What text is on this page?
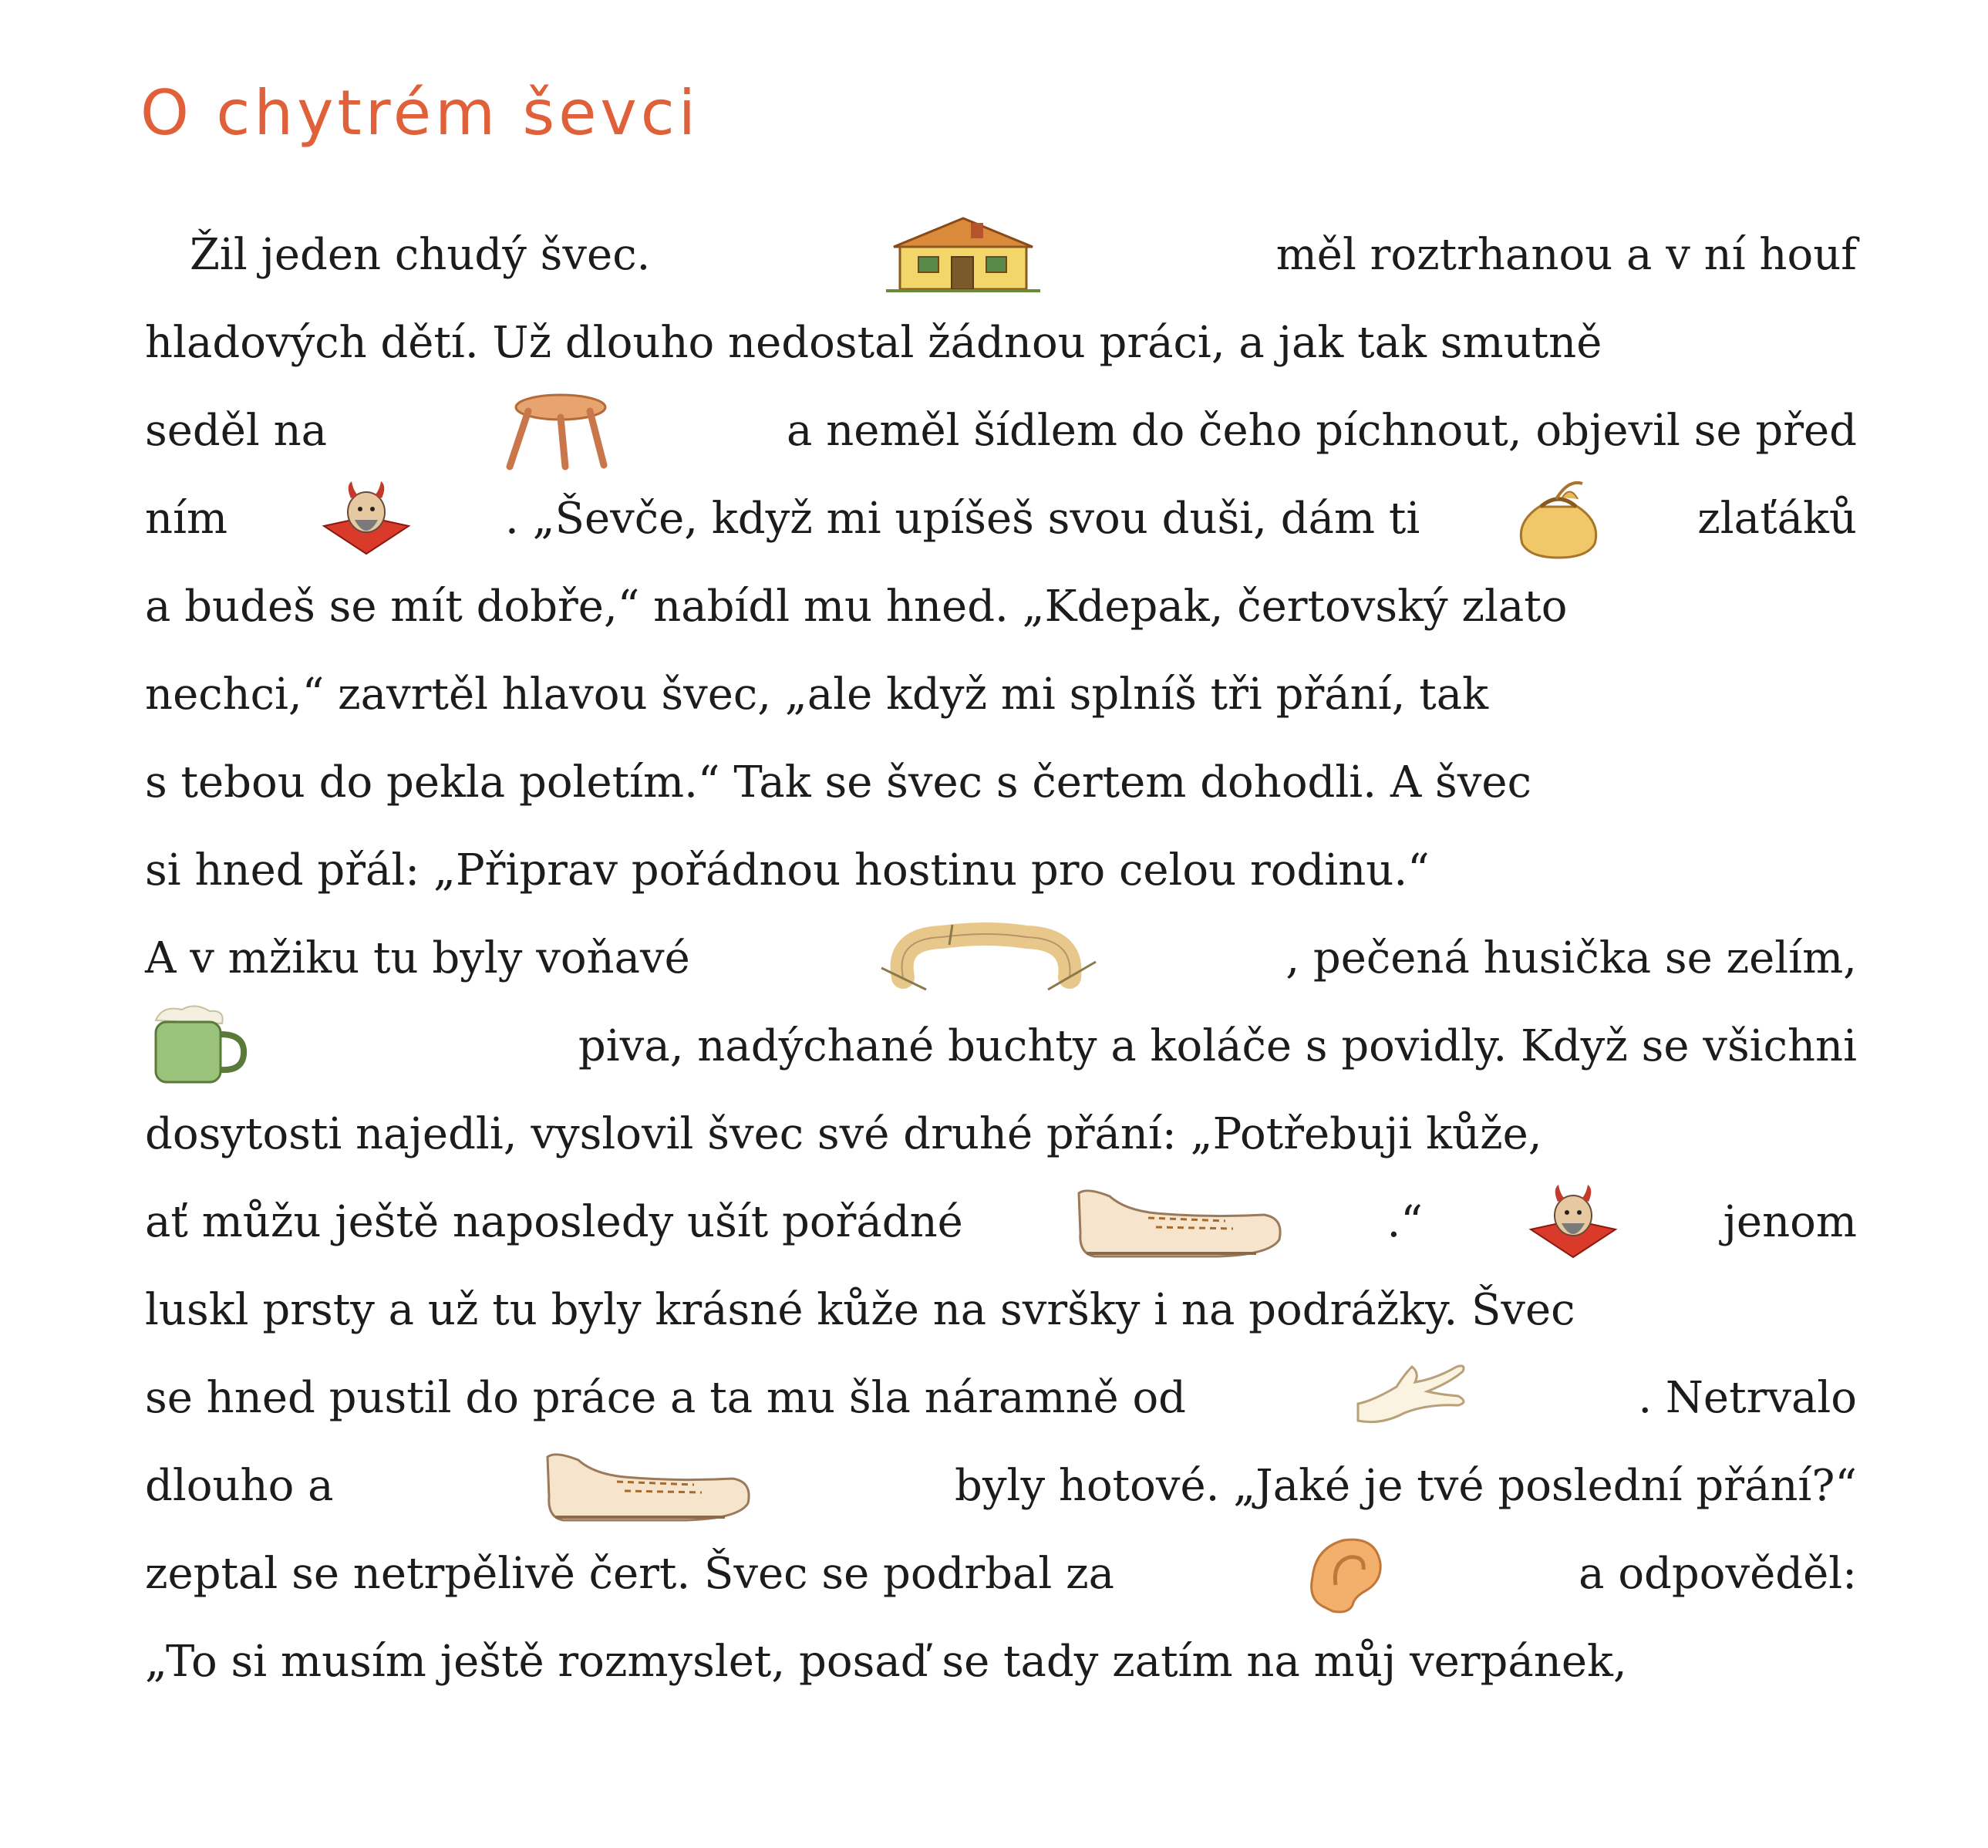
O chytrém ševci
Žil jeden chudý švec.	měl roztrhanou a v ní houf
hladových dětí. Už dlouho nedostal žádnou práci, a jak tak smutně
seděl na	a neměl šídlem do čeho píchnout, objevil se před
ním	. „Ševče, když mi upíšeš svou duši, dám ti	zlaťáků
a budeš se mít dobře,“ nabídl mu hned. „Kdepak, čertovský zlato
nechci,“ zavrtěl hlavou švec, „ale když mi splníš tři přání, tak
s tebou do pekla poletím.“ Tak se švec s čertem dohodli. A švec
si hned přál: „Připrav pořádnou hostinu pro celou rodinu.“
A v mžiku tu byly voňavé	, pečená husička se zelím,
piva, nadýchané buchty a koláče s povidly. Když se všichni
dosytosti najedli, vyslovil švec své druhé přání: „Potřebuji kůže,
ať můžu ještě naposledy ušít pořádné	.“	jenom
luskl prsty a už tu byly krásné kůže na svršky i na podrážky. Švec
se hned pustil do práce a ta mu šla náramně od	. Netrvalo
dlouho a	byly hotové. „Jaké je tvé poslední přání?“
zeptal se netrpělivě čert. Švec se podrbal za	a odpověděl:
„To si musím ještě rozmyslet, posaď se tady zatím na můj verpánek,
